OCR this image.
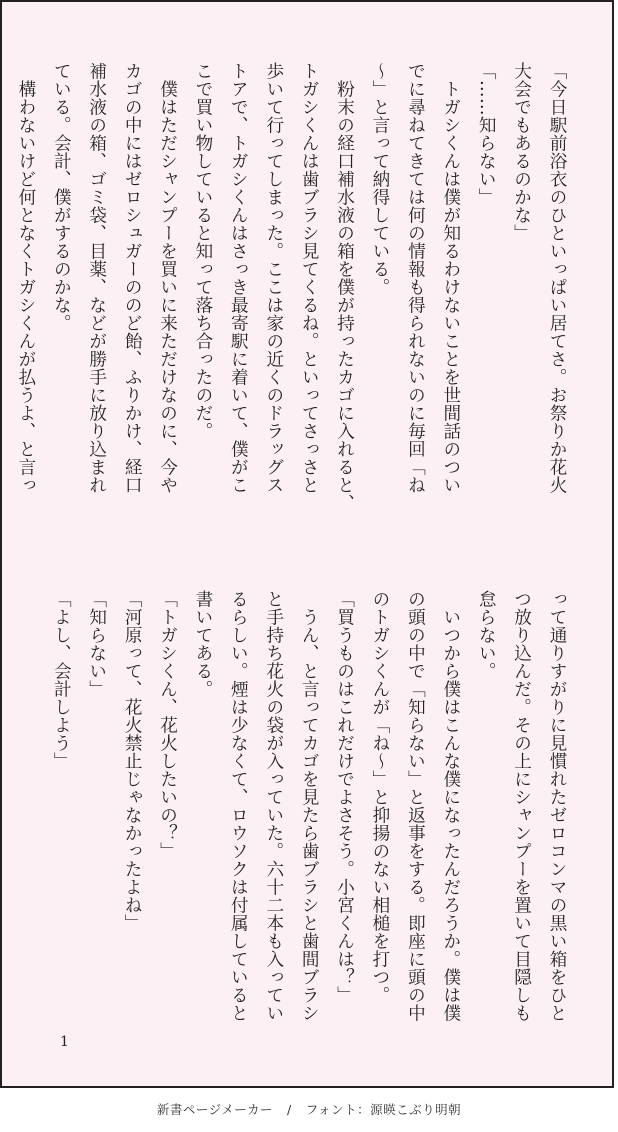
「今日駅前浴衣のひといっぱい居てさ。お祭りか花火
大会でもあるのかな」
「……知らない」
　トガシくんは僕が知るわけないことを世間話のつい
でに尋ねてきては何の情報も得られないのに毎回「ね
〜」と言って納得している。
　粉末の経口補水液の箱を僕が持ったカゴに入れると、
トガシくんは歯ブラシ見てくるね。といってさっさと
歩いて行ってしまった。ここは家の近くのドラッグス
トアで、トガシくんはさっき最寄駅に着いて、僕がこ
こで買い物していると知って落ち合ったのだ。
　僕はただシャンプーを買いに来ただけなのに、今や
カゴの中にはゼロシュガーののど飴、ふりかけ、経口
補水液の箱、ゴミ袋、目薬、などが勝手に放り込まれ
ている。会計、僕がするのかな。
　構わないけど何となくトガシくんが払うよ、と言っ
って通りすがりに見慣れたゼロコンマの黒い箱をひと
つ放り込んだ。その上にシャンプーを置いて目隠しも
怠らない。
　いつから僕はこんな僕になったんだろうか。僕は僕
の頭の中で「知らない」と返事をする。即座に頭の中
のトガシくんが「ね〜」と抑揚のない相槌を打つ。
「買うものはこれだけでよさそう。小宮くんは？」
　うん、と言ってカゴを見たら歯ブラシと歯間ブラシ
と手持ち花火の袋が入っていた。六十二本も入ってい
るらしい。煙は少なくて、ロウソクは付属していると
書いてある。
「トガシくん、花火したいの？」
「河原って、花火禁止じゃなかったよね」
「知らない」
「よし、会計しよう」

1
新書ページメーカー / フォント：源暎こぶり明朝
